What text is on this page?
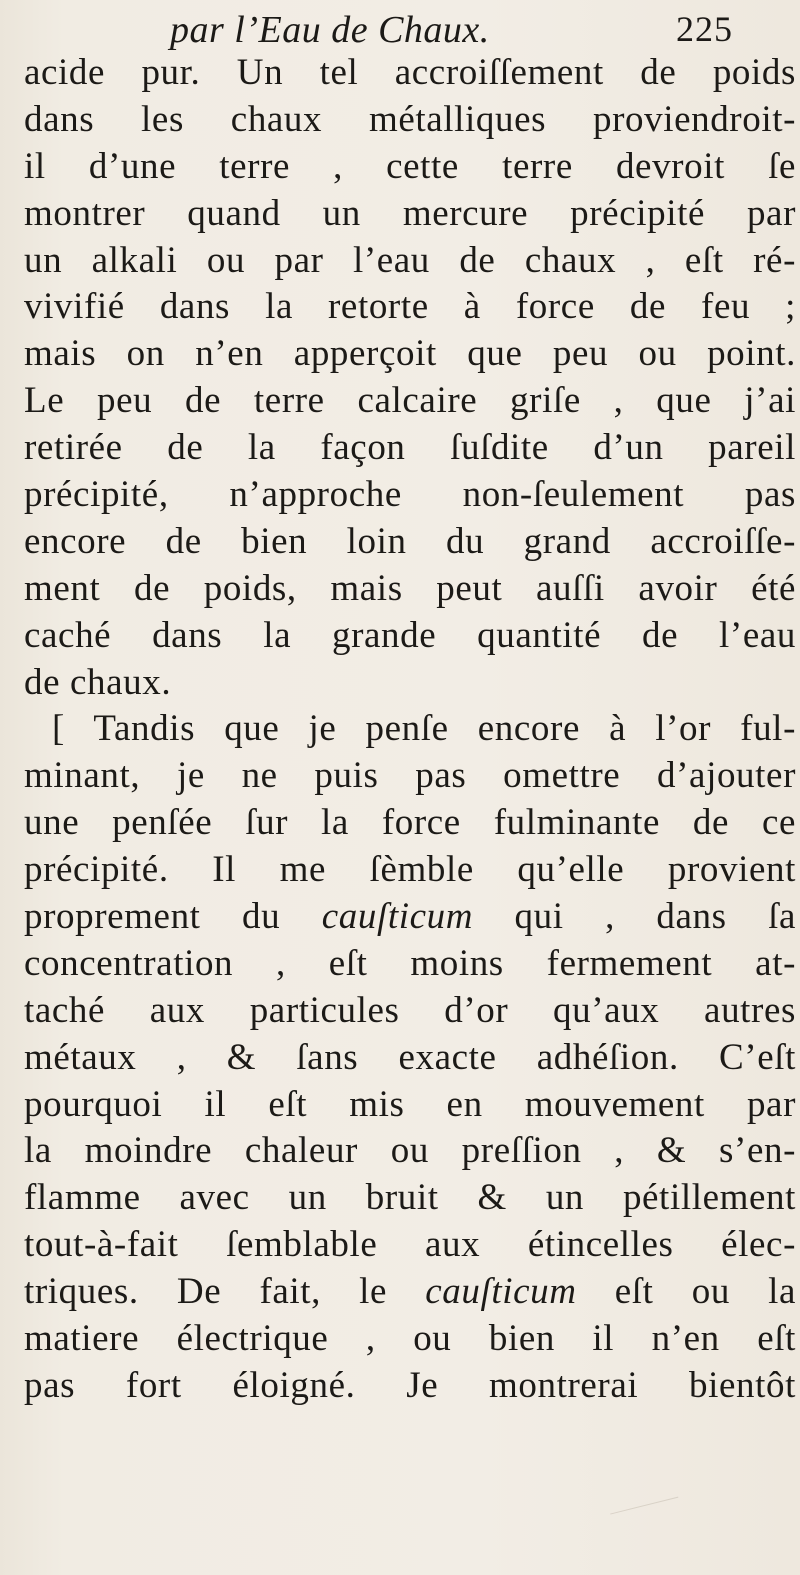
par l’Eau de Chaux.	225
acide pur. Un tel accroiſſement de poids
dans les chaux métalliques proviendroit-
il d’une terre , cette terre devroit ſe
montrer quand un mercure précipité par
un alkali ou par l’eau de chaux , eſt ré-
vivifié dans la retorte à force de feu ;
mais on n’en apperçoit que peu ou point.
Le peu de terre calcaire griſe , que j’ai
retirée de la façon ſuſdite d’un pareil
précipité, n’approche non-ſeulement pas
encore de bien loin du grand accroiſſe-
ment de poids, mais peut auſſi avoir été
caché dans la grande quantité de l’eau
de chaux.
[ Tandis que je penſe encore à l’or ful-
minant, je ne puis pas omettre d’ajouter
une penſée ſur la force fulminante de ce
précipité. Il me ſèmble qu’elle provient
proprement du cauſticum qui , dans ſa
concentration , eſt moins fermement at-
taché aux particules d’or qu’aux autres
métaux , & ſans exacte adhéſion. C’eſt
pourquoi il eſt mis en mouvement par
la moindre chaleur ou preſſion , & s’en-
flamme avec un bruit & un pétillement
tout-à-fait ſemblable aux étincelles élec-
triques. De fait, le cauſticum eſt ou la
matiere électrique , ou bien il n’en eſt
pas fort éloigné. Je montrerai bientôt
